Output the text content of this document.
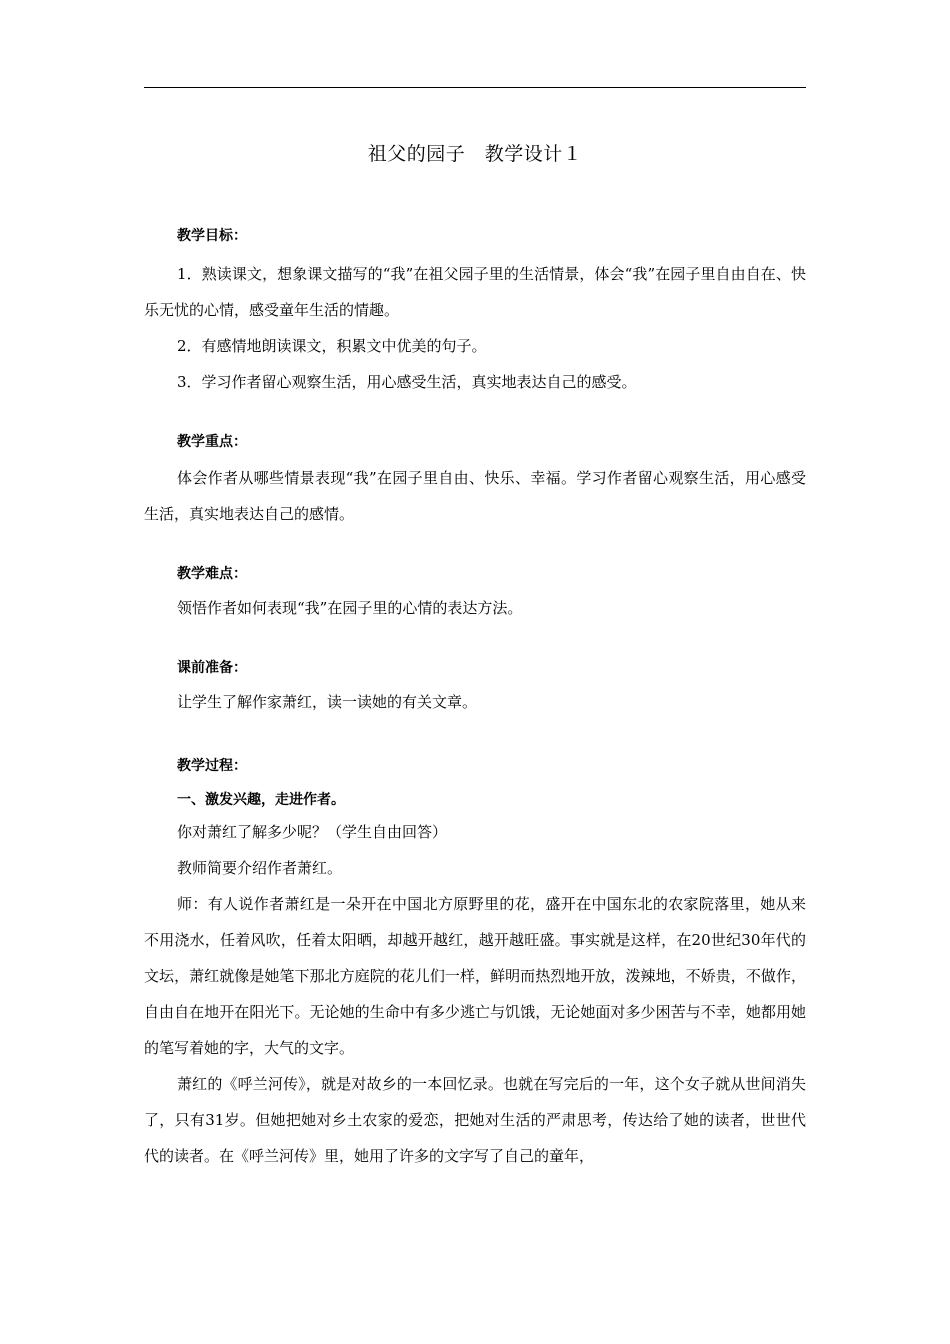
祖父的园子　教学设计１
教学目标：
1．熟读课文，想象课文描写的“我”在祖父园子里的生活情景，体会“我”在园子里自由自在、快乐无忧的心情，感受童年生活的情趣。
2．有感情地朗读课文，积累文中优美的句子。
3．学习作者留心观察生活，用心感受生活，真实地表达自己的感受。
教学重点：
体会作者从哪些情景表现“我”在园子里自由、快乐、幸福。学习作者留心观察生活，用心感受生活，真实地表达自己的感情。
教学难点：
领悟作者如何表现“我”在园子里的心情的表达方法。
课前准备：
让学生了解作家萧红，读一读她的有关文章。
教学过程：
一、激发兴趣，走进作者。
你对萧红了解多少呢？（学生自由回答）
教师简要介绍作者萧红。
师：有人说作者萧红是一朵开在中国北方原野里的花，盛开在中国东北的农家院落里，她从来不用浇水，任着风吹，任着太阳晒，却越开越红，越开越旺盛。事实就是这样，在20世纪30年代的文坛，萧红就像是她笔下那北方庭院的花儿们一样，鲜明而热烈地开放，泼辣地，不娇贵，不做作，自由自在地开在阳光下。无论她的生命中有多少逃亡与饥饿，无论她面对多少困苦与不幸，她都用她的笔写着她的字，大气的文字。
萧红的《呼兰河传》，就是对故乡的一本回忆录。也就在写完后的一年，这个女子就从世间消失了，只有31岁。但她把她对乡土农家的爱恋，把她对生活的严肃思考，传达给了她的读者，世世代代的读者。在《呼兰河传》里，她用了许多的文字写了自己的童年，
